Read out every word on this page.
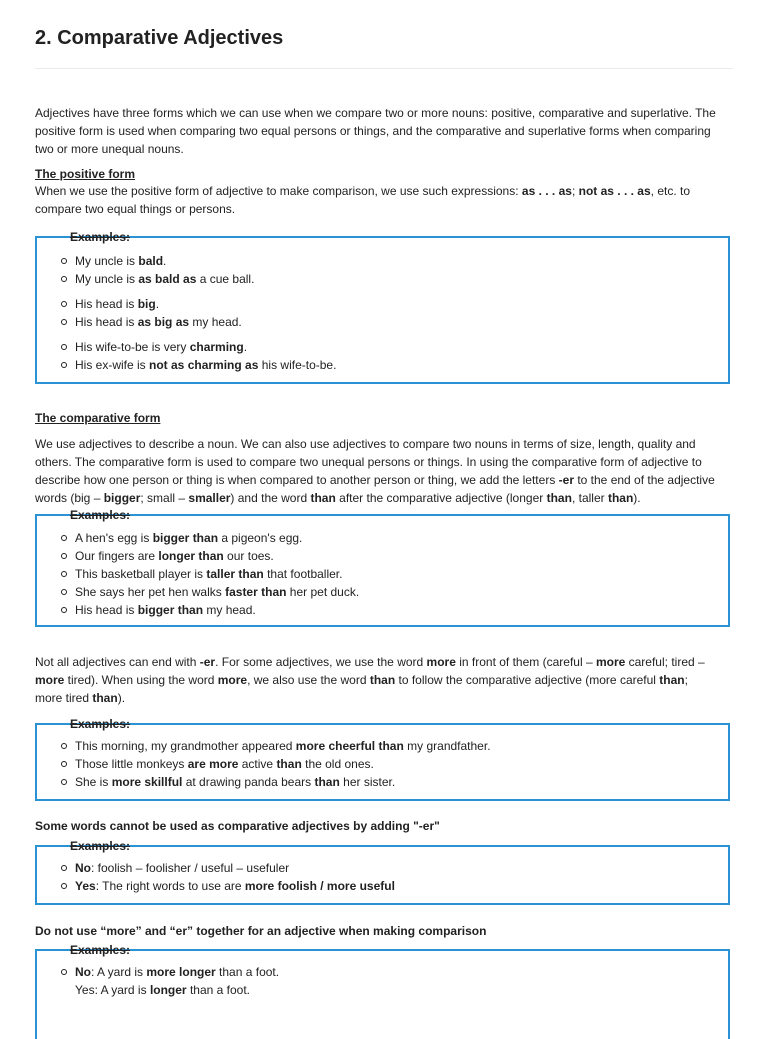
2. Comparative Adjectives
Adjectives have three forms which we can use when we compare two or more nouns: positive, comparative and superlative. The
positive form is used when comparing two equal persons or things, and the comparative and superlative forms when comparing
two or more unequal nouns.
The positive form
When we use the positive form of adjective to make comparison, we use such expressions: as . . . as; not as . . . as, etc. to
compare two equal things or persons.
Examples:
My uncle is bald.
My uncle is as bald as a cue ball.
His head is big.
His head is as big as my head.
His wife-to-be is very charming.
His ex-wife is not as charming as his wife-to-be.
The comparative form
We use adjectives to describe a noun. We can also use adjectives to compare two nouns in terms of size, length, quality and
others. The comparative form is used to compare two unequal persons or things. In using the comparative form of adjective to
describe how one person or thing is when compared to another person or thing, we add the letters -er to the end of the adjective
words (big – bigger; small – smaller) and the word than after the comparative adjective (longer than, taller than).
Examples:
A hen's egg is bigger than a pigeon's egg.
Our fingers are longer than our toes.
This basketball player is taller than that footballer.
She says her pet hen walks faster than her pet duck.
His head is bigger than my head.
Not all adjectives can end with -er. For some adjectives, we use the word more in front of them (careful – more careful; tired –
more tired). When using the word more, we also use the word than to follow the comparative adjective (more careful than;
more tired than).
Examples:
This morning, my grandmother appeared more cheerful than my grandfather.
Those little monkeys are more active than the old ones.
She is more skillful at drawing panda bears than her sister.
Some words cannot be used as comparative adjectives by adding "-er"
Examples:
No: foolish – foolisher / useful – usefuler
Yes: The right words to use are more foolish / more useful
Do not use “more” and “er” together for an adjective when making comparison
Examples:
No: A yard is more longer than a foot.
Yes: A yard is longer than a foot.
